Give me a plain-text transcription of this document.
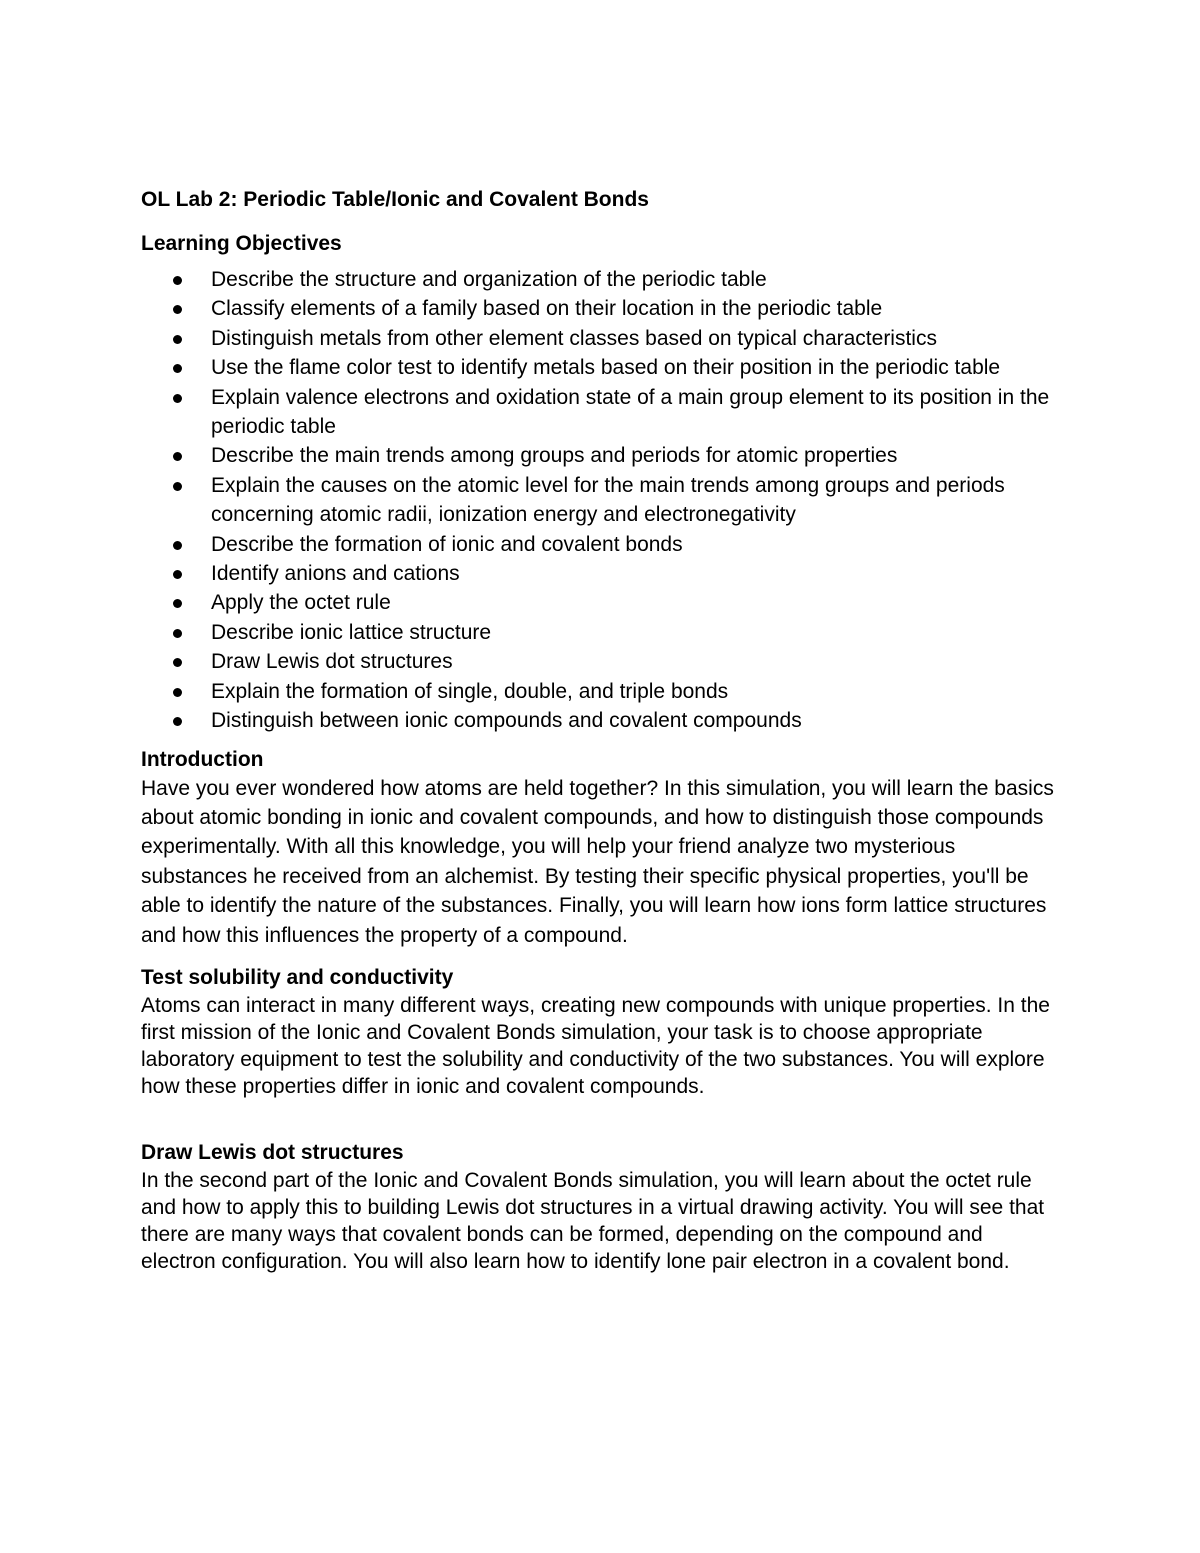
OL Lab 2: Periodic Table/Ionic and Covalent Bonds
Learning Objectives
Describe the structure and organization of the periodic table
Classify elements of a family based on their location in the periodic table
Distinguish metals from other element classes based on typical characteristics
Use the flame color test to identify metals based on their position in the periodic table
Explain valence electrons and oxidation state of a main group element to its position in the periodic table
Describe the main trends among groups and periods for atomic properties
Explain the causes on the atomic level for the main trends among groups and periods concerning atomic radii, ionization energy and electronegativity
Describe the formation of ionic and covalent bonds
Identify anions and cations
Apply the octet rule
Describe ionic lattice structure
Draw Lewis dot structures
Explain the formation of single, double, and triple bonds
Distinguish between ionic compounds and covalent compounds
Introduction

Have you ever wondered how atoms are held together? In this simulation, you will learn the basics about atomic bonding in ionic and covalent compounds, and how to distinguish those compounds experimentally. With all this knowledge, you will help your friend analyze two mysterious substances he received from an alchemist. By testing their specific physical properties, you'll be able to identify the nature of the substances. Finally, you will learn how ions form lattice structures and how this influences the property of a compound.

Test solubility and conductivity

Atoms can interact in many different ways, creating new compounds with unique properties. In the first mission of the Ionic and Covalent Bonds simulation, your task is to choose appropriate laboratory equipment to test the solubility and conductivity of the two substances. You will explore how these properties differ in ionic and covalent compounds.

Draw Lewis dot structures

In the second part of the Ionic and Covalent Bonds simulation, you will learn about the octet rule and how to apply this to building Lewis dot structures in a virtual drawing activity. You will see that there are many ways that covalent bonds can be formed, depending on the compound and electron configuration. You will also learn how to identify lone pair electron in a covalent bond.
